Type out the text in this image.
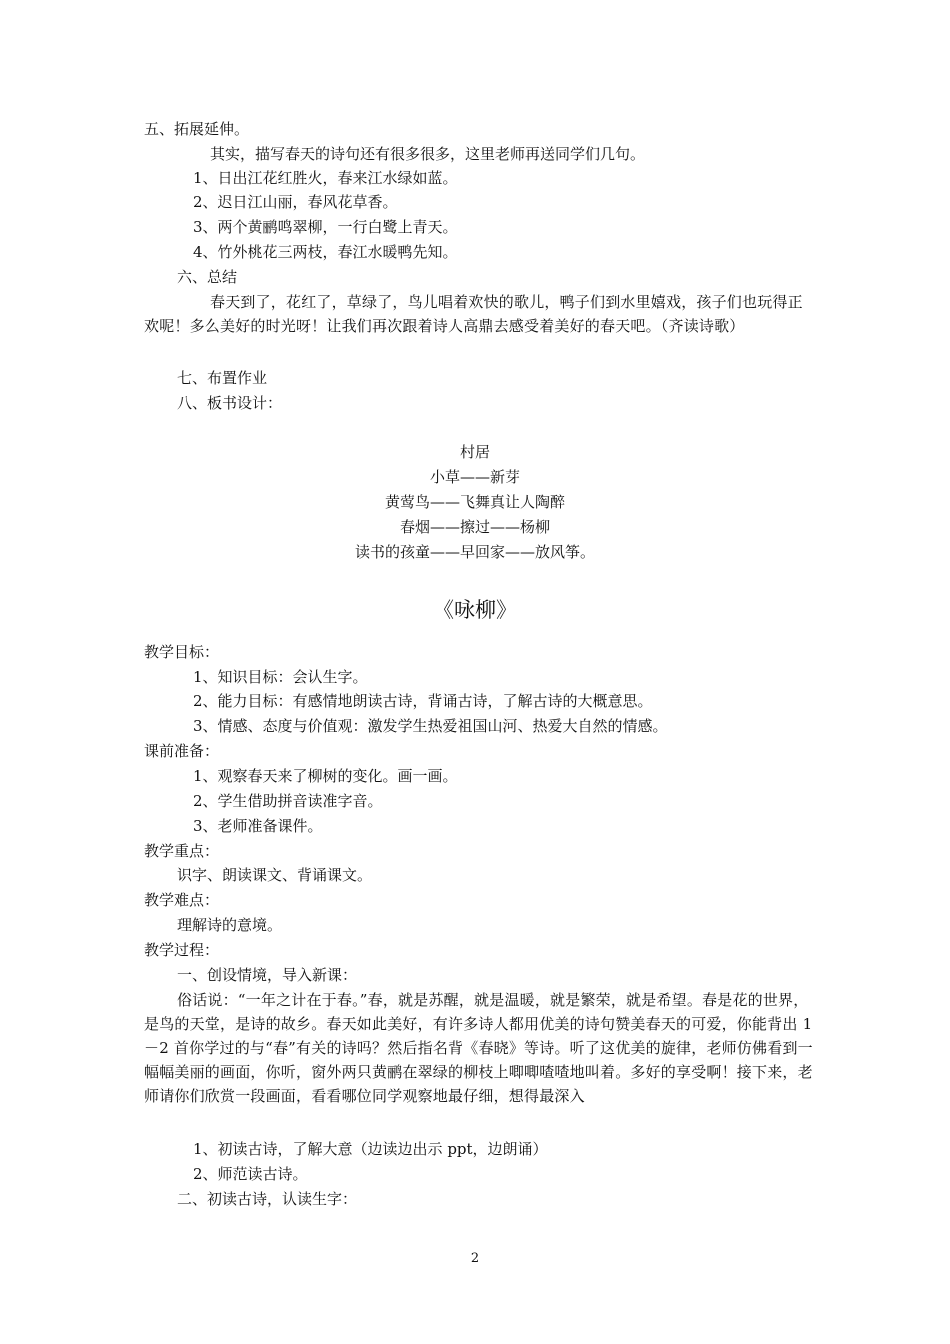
五、拓展延伸。
其实，描写春天的诗句还有很多很多，这里老师再送同学们几句。
1、日出江花红胜火，春来江水绿如蓝。
2、迟日江山丽，春风花草香。
3、两个黄鹂鸣翠柳，一行白鹭上青天。
4、竹外桃花三两枝，春江水暖鸭先知。
六、总结
春天到了，花红了，草绿了，鸟儿唱着欢快的歌儿，鸭子们到水里嬉戏，孩子们也玩得正欢呢！多么美好的时光呀！让我们再次跟着诗人高鼎去感受着美好的春天吧。（齐读诗歌）
七、布置作业
八、板书设计：
村居
小草——新芽
黄莺鸟——飞舞真让人陶醉
春烟——擦过——杨柳
读书的孩童——早回家——放风筝。
《咏柳》
教学目标：
1、知识目标：会认生字。
2、能力目标：有感情地朗读古诗，背诵古诗，了解古诗的大概意思。
3、情感、态度与价值观：激发学生热爱祖国山河、热爱大自然的情感。
课前准备：
1、观察春天来了柳树的变化。画一画。
2、学生借助拼音读准字音。
3、老师准备课件。
教学重点：
识字、朗读课文、背诵课文。
教学难点：
理解诗的意境。
教学过程：
一、创设情境，导入新课：
俗话说：“一年之计在于春。”春，就是苏醒，就是温暖，就是繁荣，就是希望。春是花的世界，是鸟的天堂，是诗的故乡。春天如此美好，有许多诗人都用优美的诗句赞美春天的可爱，你能背出 1－2 首你学过的与“春”有关的诗吗？然后指名背《春晓》等诗。听了这优美的旋律，老师仿佛看到一幅幅美丽的画面，你听，窗外两只黄鹂在翠绿的柳枝上唧唧喳喳地叫着。多好的享受啊！接下来，老师请你们欣赏一段画面，看看哪位同学观察地最仔细，想得最深入
1、初读古诗，了解大意（边读边出示 ppt，边朗诵）
2、师范读古诗。
二、初读古诗，认读生字：
2
